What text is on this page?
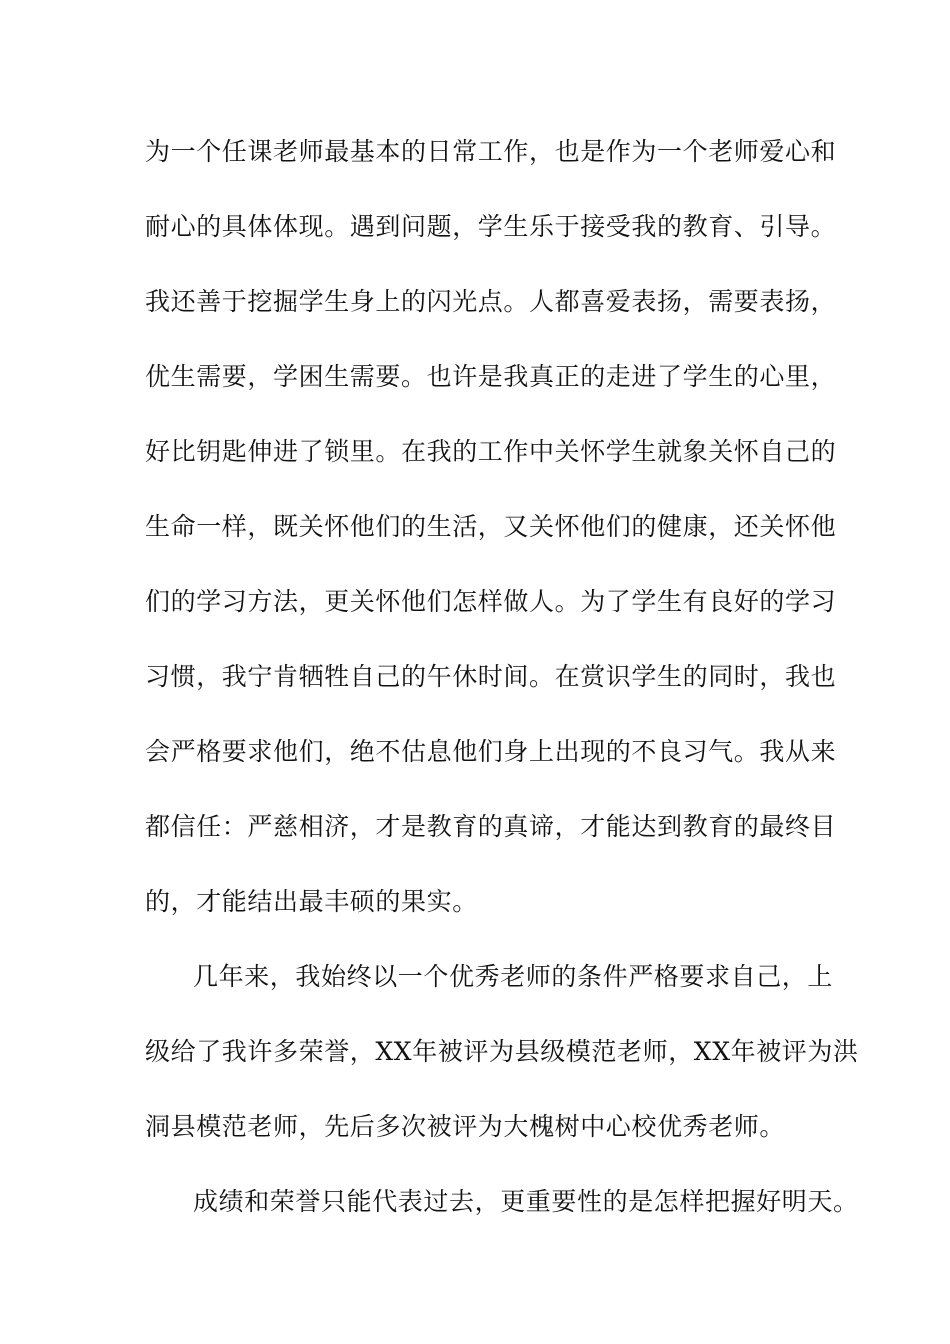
为一个任课老师最基本的日常工作，也是作为一个老师爱心和
耐心的具体体现。遇到问题，学生乐于接受我的教育、引导。
我还善于挖掘学生身上的闪光点。人都喜爱表扬，需要表扬，
优生需要，学困生需要。也许是我真正的走进了学生的心里，
好比钥匙伸进了锁里。在我的工作中关怀学生就象关怀自己的
生命一样，既关怀他们的生活，又关怀他们的健康，还关怀他
们的学习方法，更关怀他们怎样做人。为了学生有良好的学习
习惯，我宁肯牺牲自己的午休时间。在赏识学生的同时，我也
会严格要求他们，绝不估息他们身上出现的不良习气。我从来
都信任：严慈相济，才是教育的真谛，才能达到教育的最终目
的，才能结出最丰硕的果实。
几年来，我始终以一个优秀老师的条件严格要求自己，上
级给了我许多荣誉，XX年被评为县级模范老师，XX年被评为洪
洞县模范老师，先后多次被评为大槐树中心校优秀老师。
成绩和荣誉只能代表过去，更重要性的是怎样把握好明天。
